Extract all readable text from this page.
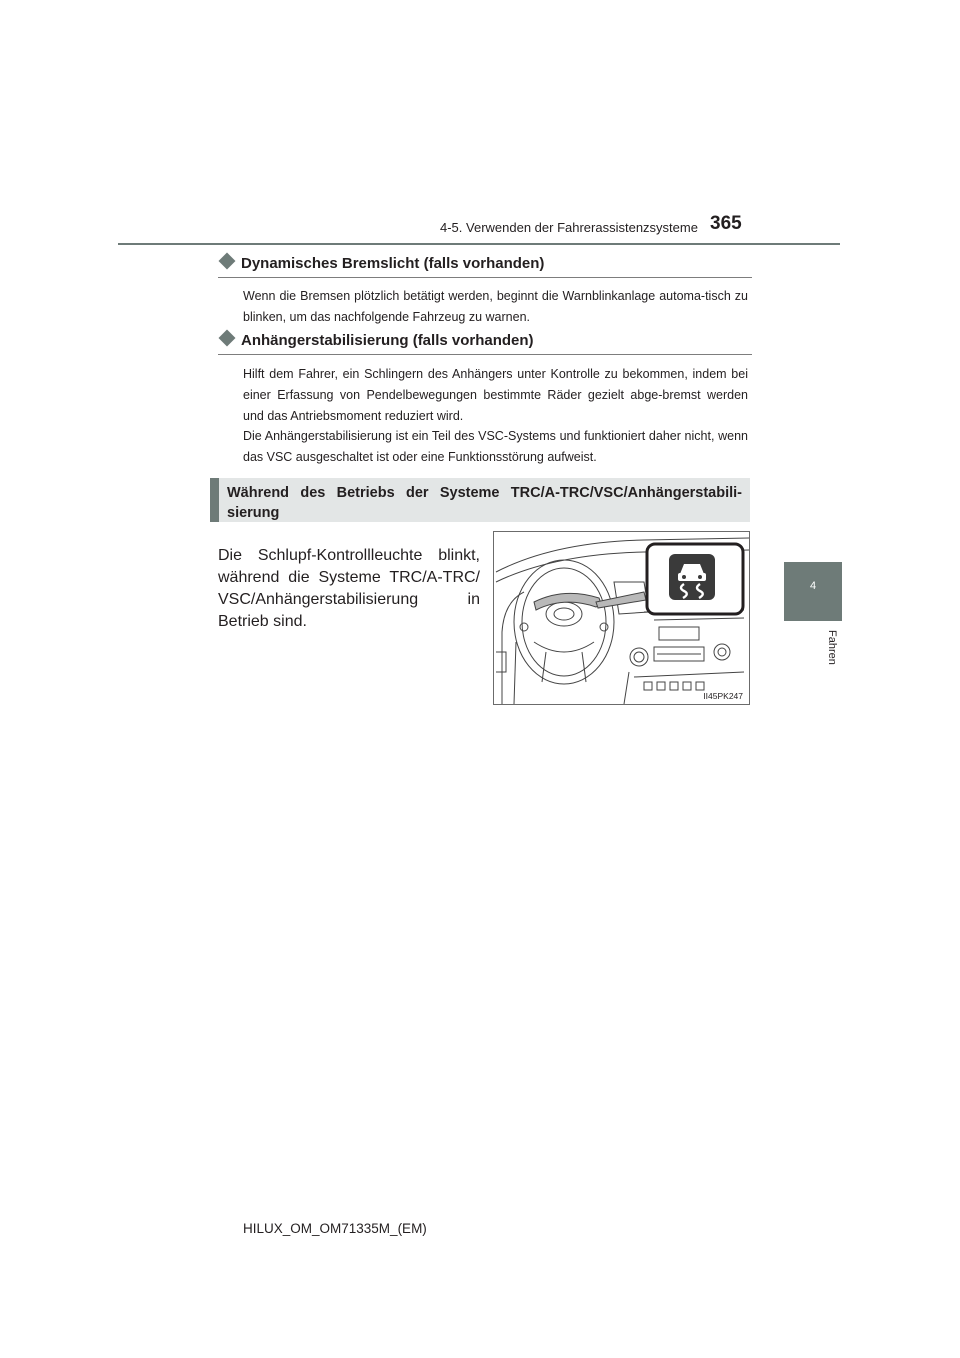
4-5. Verwenden der Fahrerassistenzsysteme 365
4
Fahren
Dynamisches Bremslicht (falls vorhanden)

Wenn die Bremsen plötzlich betätigt werden, beginnt die Warnblinkanlage automa-tisch zu blinken, um das nachfolgende Fahrzeug zu warnen.

Anhängerstabilisierung (falls vorhanden)

Hilft dem Fahrer, ein Schlingern des Anhängers unter Kontrolle zu bekommen, indem bei einer Erfassung von Pendelbewegungen bestimmte Räder gezielt abge-bremst werden und das Antriebsmoment reduziert wird.

Die Anhängerstabilisierung ist ein Teil des VSC-Systems und funktioniert daher nicht, wenn das VSC ausgeschaltet ist oder eine Funktionsstörung aufweist.

Während des Betriebs der Systeme TRC/A-TRC/VSC/Anhängerstabili-sierung

Die Schlupf-Kontrollleuchte blinkt, während die Systeme TRC/A-TRC/ VSC/Anhängerstabilisierung in Betrieb sind.

II45PK247
HILUX_OM_OM71335M_(EM)
